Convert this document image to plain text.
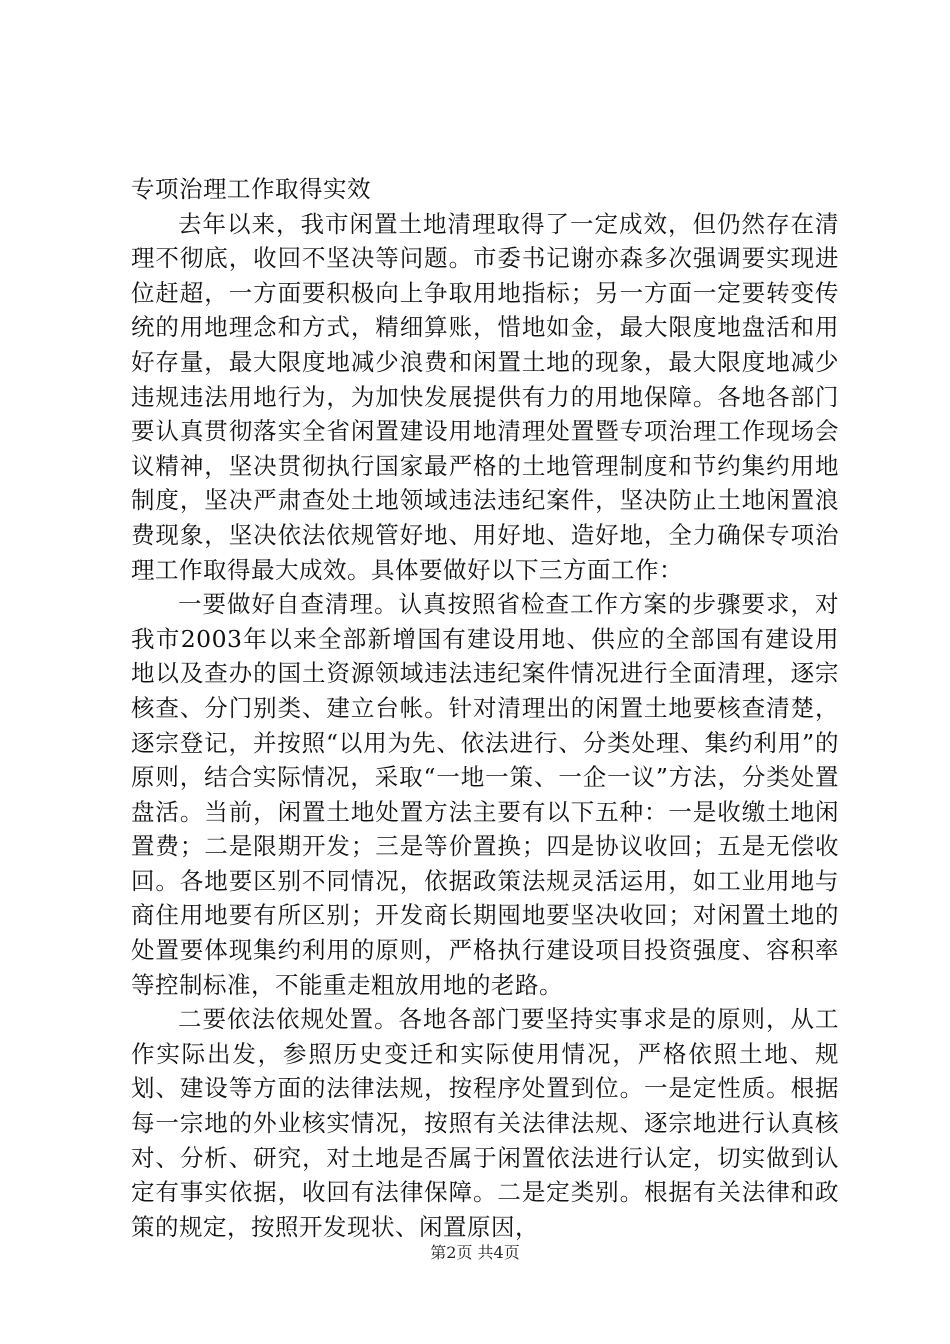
专项治理工作取得实效

去年以来，我市闲置土地清理取得了一定成效，但仍然存在清理不彻底，收回不坚决等问题。市委书记谢亦森多次强调要实现进位赶超，一方面要积极向上争取用地指标；另一方面一定要转变传统的用地理念和方式，精细算账，惜地如金，最大限度地盘活和用好存量，最大限度地减少浪费和闲置土地的现象，最大限度地减少违规违法用地行为，为加快发展提供有力的用地保障。各地各部门要认真贯彻落实全省闲置建设用地清理处置暨专项治理工作现场会议精神，坚决贯彻执行国家最严格的土地管理制度和节约集约用地制度，坚决严肃查处土地领域违法违纪案件，坚决防止土地闲置浪费现象，坚决依法依规管好地、用好地、造好地，全力确保专项治理工作取得最大成效。具体要做好以下三方面工作：

一要做好自查清理。认真按照省检查工作方案的步骤要求，对我市2003年以来全部新增国有建设用地、供应的全部国有建设用地以及查办的国土资源领域违法违纪案件情况进行全面清理，逐宗核查、分门别类、建立台帐。针对清理出的闲置土地要核查清楚，逐宗登记，并按照“以用为先、依法进行、分类处理、集约利用”的原则，结合实际情况，采取“一地一策、一企一议”方法，分类处置盘活。当前，闲置土地处置方法主要有以下五种：一是收缴土地闲置费；二是限期开发；三是等价置换；四是协议收回；五是无偿收回。各地要区别不同情况，依据政策法规灵活运用，如工业用地与商住用地要有所区别；开发商长期囤地要坚决收回；对闲置土地的处置要体现集约利用的原则，严格执行建设项目投资强度、容积率等控制标准，不能重走粗放用地的老路。

二要依法依规处置。各地各部门要坚持实事求是的原则，从工作实际出发，参照历史变迁和实际使用情况，严格依照土地、规划、建设等方面的法律法规，按程序处置到位。一是定性质。根据每一宗地的外业核实情况，按照有关法律法规、逐宗地进行认真核对、分析、研究，对土地是否属于闲置依法进行认定，切实做到认定有事实依据，收回有法律保障。二是定类别。根据有关法律和政策的规定，按照开发现状、闲置原因，

第2页 共4页
